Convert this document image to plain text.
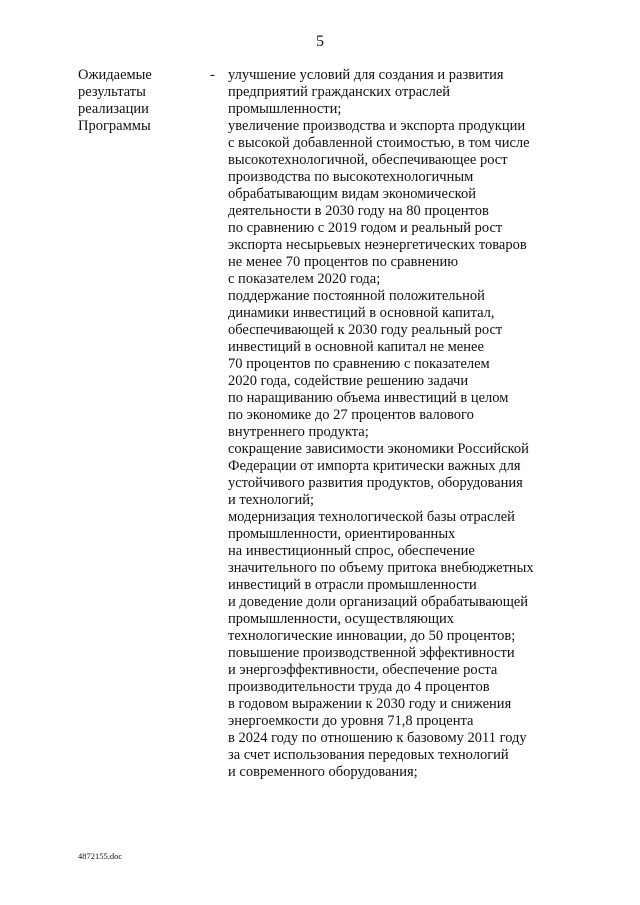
5
Ожидаемые
результаты
реализации
Программы
- улучшение условий для создания и развития
предприятий гражданских отраслей
промышленности;
увеличение производства и экспорта продукции
с высокой добавленной стоимостью, в том числе
высокотехнологичной, обеспечивающее рост
производства по высокотехнологичным
обрабатывающим видам экономической
деятельности в 2030 году на 80 процентов
по сравнению с 2019 годом и реальный рост
экспорта несырьевых неэнергетических товаров
не менее 70 процентов по сравнению
с показателем 2020 года;
поддержание постоянной положительной
динамики инвестиций в основной капитал,
обеспечивающей к 2030 году реальный рост
инвестиций в основной капитал не менее
70 процентов по сравнению с показателем
2020 года, содействие решению задачи
по наращиванию объема инвестиций в целом
по экономике до 27 процентов валового
внутреннего продукта;
сокращение зависимости экономики Российской
Федерации от импорта критически важных для
устойчивого развития продуктов, оборудования
и технологий;
модернизация технологической базы отраслей
промышленности, ориентированных
на инвестиционный спрос, обеспечение
значительного по объему притока внебюджетных
инвестиций в отрасли промышленности
и доведение доли организаций обрабатывающей
промышленности, осуществляющих
технологические инновации, до 50 процентов;
повышение производственной эффективности
и энергоэффективности, обеспечение роста
производительности труда до 4 процентов
в годовом выражении к 2030 году и снижения
энергоемкости до уровня 71,8 процента
в 2024 году по отношению к базовому 2011 году
за счет использования передовых технологий
и современного оборудования;
4872155.doc
